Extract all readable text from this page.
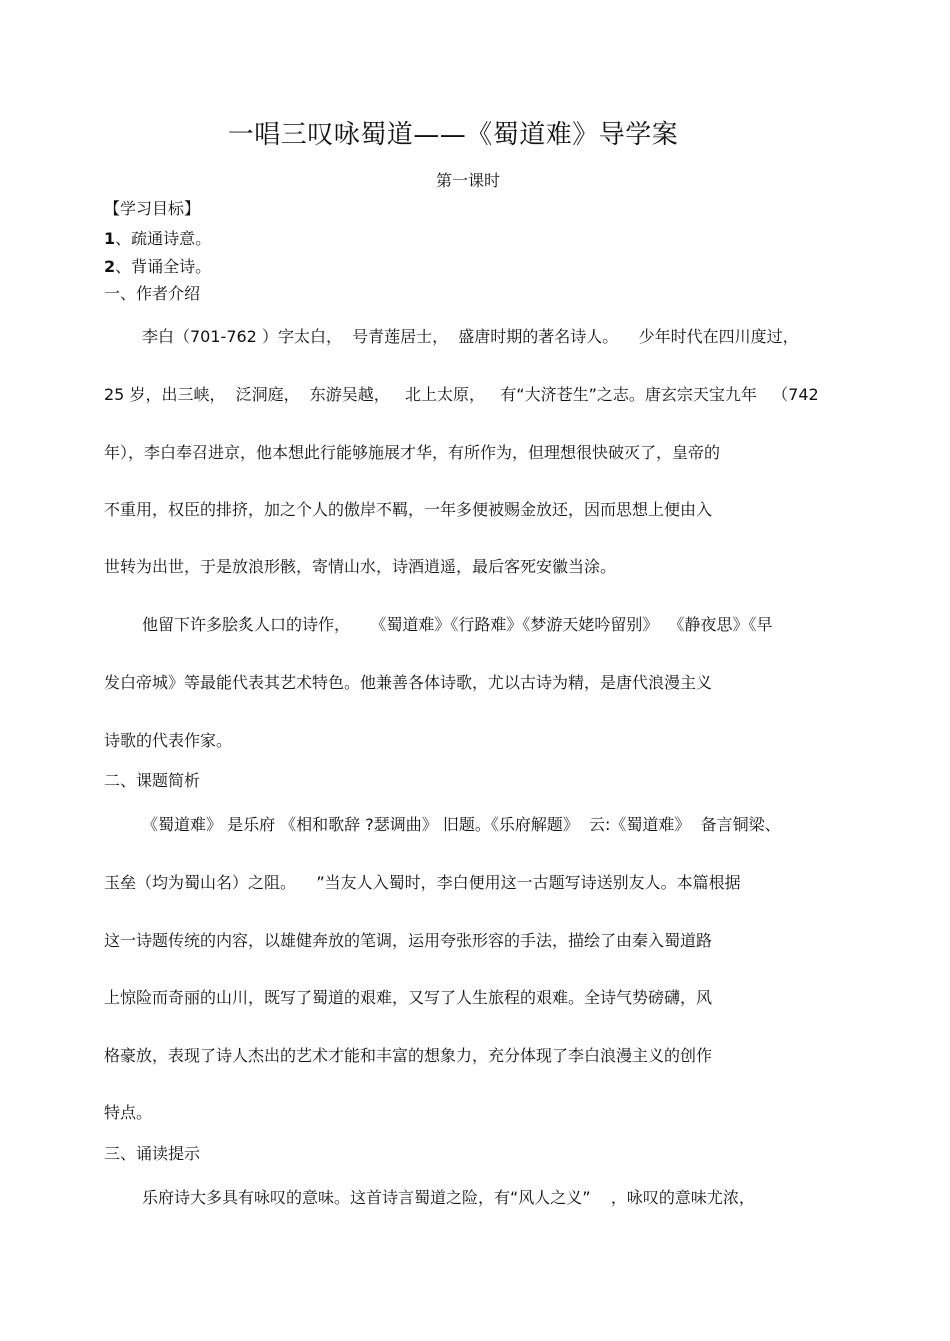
一唱三叹咏蜀道——《蜀道难》导学案
第一课时
【学习目标】
1、疏通诗意。
2、背诵全诗。
一、作者介绍
李白（701-762 ）字太白，  号青莲居士，  盛唐时期的著名诗人。    少年时代在四川度过，
25 岁，出三峡，  泛洞庭，  东游吴越，   北上太原，   有“大济苍生”之志。唐玄宗天宝九年   （742
年），李白奉召进京，他本想此行能够施展才华，有所作为，但理想很快破灭了，皇帝的
不重用，权臣的排挤，加之个人的傲岸不羁，一年多便被赐金放还，因而思想上便由入
世转为出世，于是放浪形骸，寄情山水，诗酒逍遥，最后客死安徽当涂。
他留下许多脍炙人口的诗作，    《蜀道难》《行路难》《梦游天姥吟留别》  《静夜思》《早
发白帝城》等最能代表其艺术特色。他兼善各体诗歌，尤以古诗为精，是唐代浪漫主义
诗歌的代表作家。
二、课题简析
《蜀道难》 是乐府 《相和歌辞 ?瑟调曲》 旧题。《乐府解题》  云:《蜀道难》  备言铜梁、
玉垒（均为蜀山名）之阻。    ”当友人入蜀时，李白便用这一古题写诗送别友人。本篇根据
这一诗题传统的内容，以雄健奔放的笔调，运用夸张形容的手法，描绘了由秦入蜀道路
上惊险而奇丽的山川，既写了蜀道的艰难，又写了人生旅程的艰难。全诗气势磅礴，风
格豪放，表现了诗人杰出的艺术才能和丰富的想象力，充分体现了李白浪漫主义的创作
特点。
三、诵读提示
乐府诗大多具有咏叹的意味。这首诗言蜀道之险，有“风人之义”    ，咏叹的意味尤浓，
